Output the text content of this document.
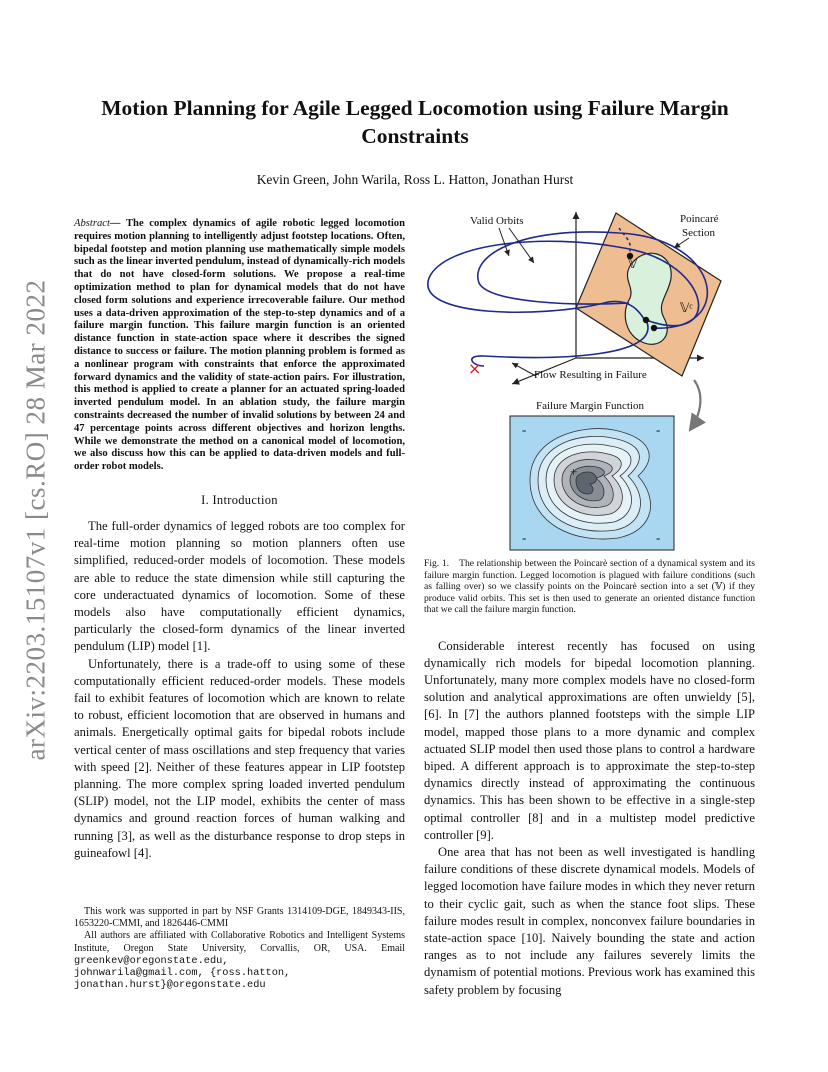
Motion Planning for Agile Legged Locomotion using Failure Margin Constraints
Kevin Green, John Warila, Ross L. Hatton, Jonathan Hurst
arXiv:2203.15107v1 [cs.RO] 28 Mar 2022

Abstract— The complex dynamics of agile robotic legged locomotion requires motion planning to intelligently adjust footstep locations. Often, bipedal footstep and motion planning use mathematically simple models such as the linear inverted pendulum, instead of dynamically-rich models that do not have closed-form solutions. We propose a real-time optimization method to plan for dynamical models that do not have closed form solutions and experience irrecoverable failure. Our method uses a data-driven approximation of the step-to-step dynamics and of a failure margin function. This failure margin function is an oriented distance function in state-action space where it describes the signed distance to success or failure. The motion planning problem is formed as a nonlinear program with constraints that enforce the approximated forward dynamics and the validity of state-action pairs. For illustration, this method is applied to create a planner for an actuated spring-loaded inverted pendulum model. In an ablation study, the failure margin constraints decreased the number of invalid solutions by between 24 and 47 percentage points across different objectives and horizon lengths. While we demonstrate the method on a canonical model of locomotion, we also discuss how this can be applied to data-driven models and full-order robot models.

I. Introduction

The full-order dynamics of legged robots are too complex for real-time motion planning so motion planners often use simplified, reduced-order models of locomotion. These models are able to reduce the state dimension while still capturing the core underactuated dynamics of locomotion. Some of these models also have computationally efficient dynamics, particularly the closed-form dynamics of the linear inverted pendulum (LIP) model [1].

Unfortunately, there is a trade-off to using some of these computationally efficient reduced-order models. These models fail to exhibit features of locomotion which are known to relate to robust, efficient locomotion that are observed in humans and animals. Energetically optimal gaits for bipedal robots include vertical center of mass oscillations and step frequency that varies with speed [2]. Neither of these features appear in LIP footstep planning. The more complex spring loaded inverted pendulum (SLIP) model, not the LIP model, exhibits the center of mass dynamics and ground reaction forces of human walking and running [3], as well as the disturbance response to drop steps in guineafowl [4].

This work was supported in part by NSF Grants 1314109-DGE, 1849343-IIS, 1653220-CMMI, and 1826446-CMMI

All authors are affiliated with Collaborative Robotics and Intelligent Systems Institute, Oregon State University, Corvallis, OR, USA. Email greenkev@oregonstate.edu,
johnwarila@gmail.com, {ross.hatton,
jonathan.hurst}@oregonstate.edu

×
Valid Orbits	Poincaré
Section
𝕍
𝕍ᶜ
Flow Resulting in Failure
Failure Margin Function
-	-
-	-
+

Fig. 1. The relationship between the Poincarè section of a dynamical system and its failure margin function. Legged locomotion is plagued with failure conditions (such as falling over) so we classify points on the Poincarè section into a set (𝕍) if they produce valid orbits. This set is then used to generate an oriented distance function that we call the failure margin function.

Considerable interest recently has focused on using dynamically rich models for bipedal locomotion planning. Unfortunately, many more complex models have no closed-form solution and analytical approximations are often unwieldy [5], [6]. In [7] the authors planned footsteps with the simple LIP model, mapped those plans to a more dynamic and complex actuated SLIP model then used those plans to control a hardware biped. A different approach is to approximate the step-to-step dynamics directly instead of approximating the continuous dynamics. This has been shown to be effective in a single-step optimal controller [8] and in a multistep model predictive controller [9].

One area that has not been as well investigated is handling failure conditions of these discrete dynamical models. Models of legged locomotion have failure modes in which they never return to their cyclic gait, such as when the stance foot slips. These failure modes result in complex, nonconvex failure boundaries in state-action space [10]. Naively bounding the state and action ranges as to not include any failures severely limits the dynamism of potential motions. Previous work has examined this safety problem by focusing
